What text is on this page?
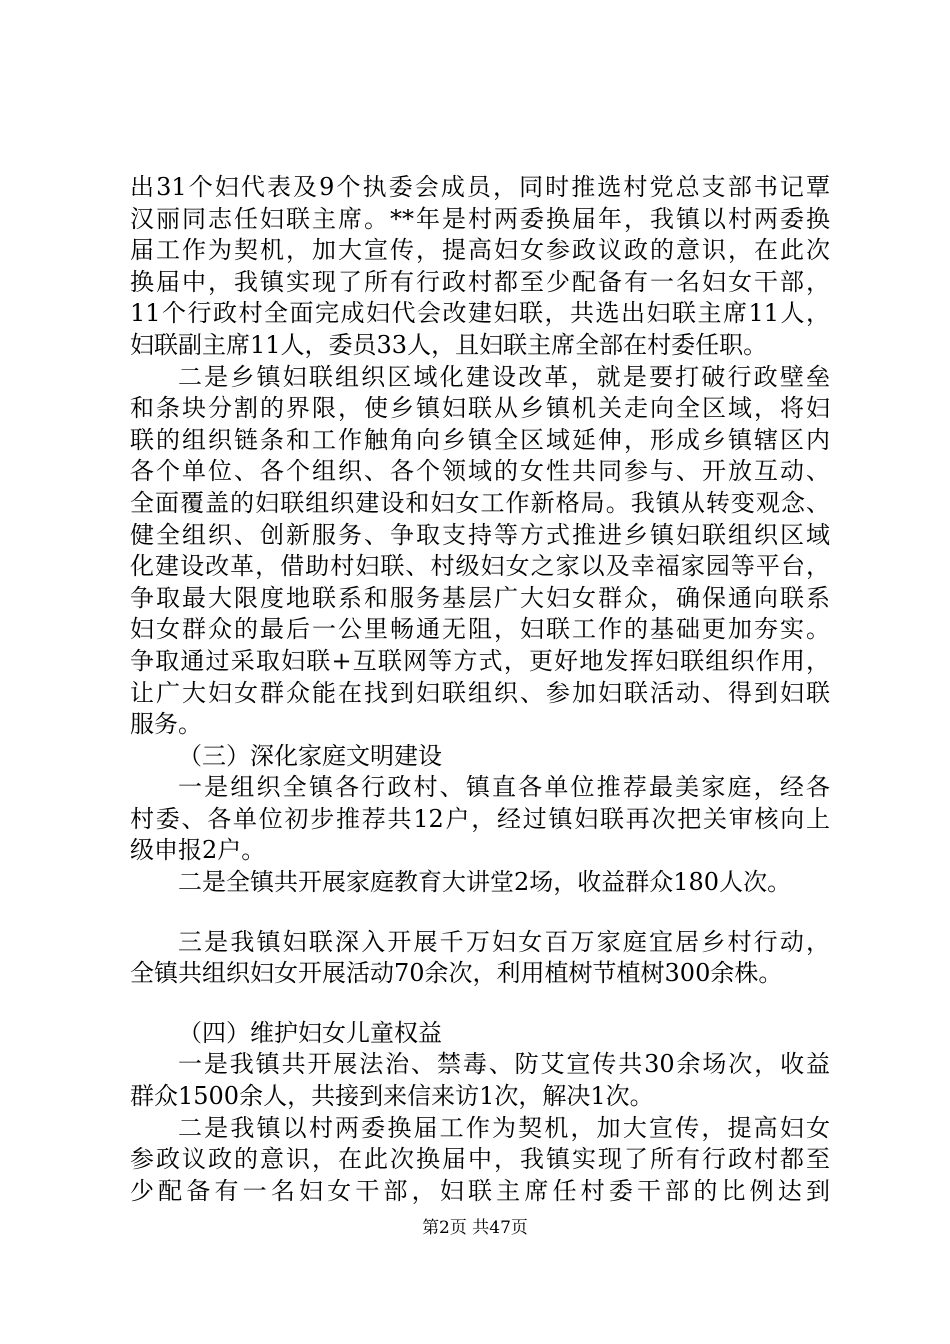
出31个妇代表及9个执委会成员，同时推选村党总支部书记覃
汉丽同志任妇联主席。**年是村两委换届年，我镇以村两委换
届工作为契机，加大宣传，提高妇女参政议政的意识，在此次
换届中，我镇实现了所有行政村都至少配备有一名妇女干部，
11个行政村全面完成妇代会改建妇联，共选出妇联主席11人，
妇联副主席11人，委员33人，且妇联主席全部在村委任职。
二是乡镇妇联组织区域化建设改革，就是要打破行政壁垒
和条块分割的界限，使乡镇妇联从乡镇机关走向全区域，将妇
联的组织链条和工作触角向乡镇全区域延伸，形成乡镇辖区内
各个单位、各个组织、各个领域的女性共同参与、开放互动、
全面覆盖的妇联组织建设和妇女工作新格局。我镇从转变观念、
健全组织、创新服务、争取支持等方式推进乡镇妇联组织区域
化建设改革，借助村妇联、村级妇女之家以及幸福家园等平台，
争取最大限度地联系和服务基层广大妇女群众，确保通向联系
妇女群众的最后一公里畅通无阻，妇联工作的基础更加夯实。
争取通过采取妇联+互联网等方式，更好地发挥妇联组织作用，
让广大妇女群众能在找到妇联组织、参加妇联活动、得到妇联
服务。
（三）深化家庭文明建设
一是组织全镇各行政村、镇直各单位推荐最美家庭，经各
村委、各单位初步推荐共12户，经过镇妇联再次把关审核向上
级申报2户。
二是全镇共开展家庭教育大讲堂2场，收益群众180人次。
三是我镇妇联深入开展千万妇女百万家庭宜居乡村行动，
全镇共组织妇女开展活动70余次，利用植树节植树300余株。
（四）维护妇女儿童权益
一是我镇共开展法治、禁毒、防艾宣传共30余场次，收益
群众1500余人，共接到来信来访1次，解决1次。
二是我镇以村两委换届工作为契机，加大宣传，提高妇女
参政议政的意识，在此次换届中，我镇实现了所有行政村都至
少配备有一名妇女干部，妇联主席任村委干部的比例达到
第2页 共47页
